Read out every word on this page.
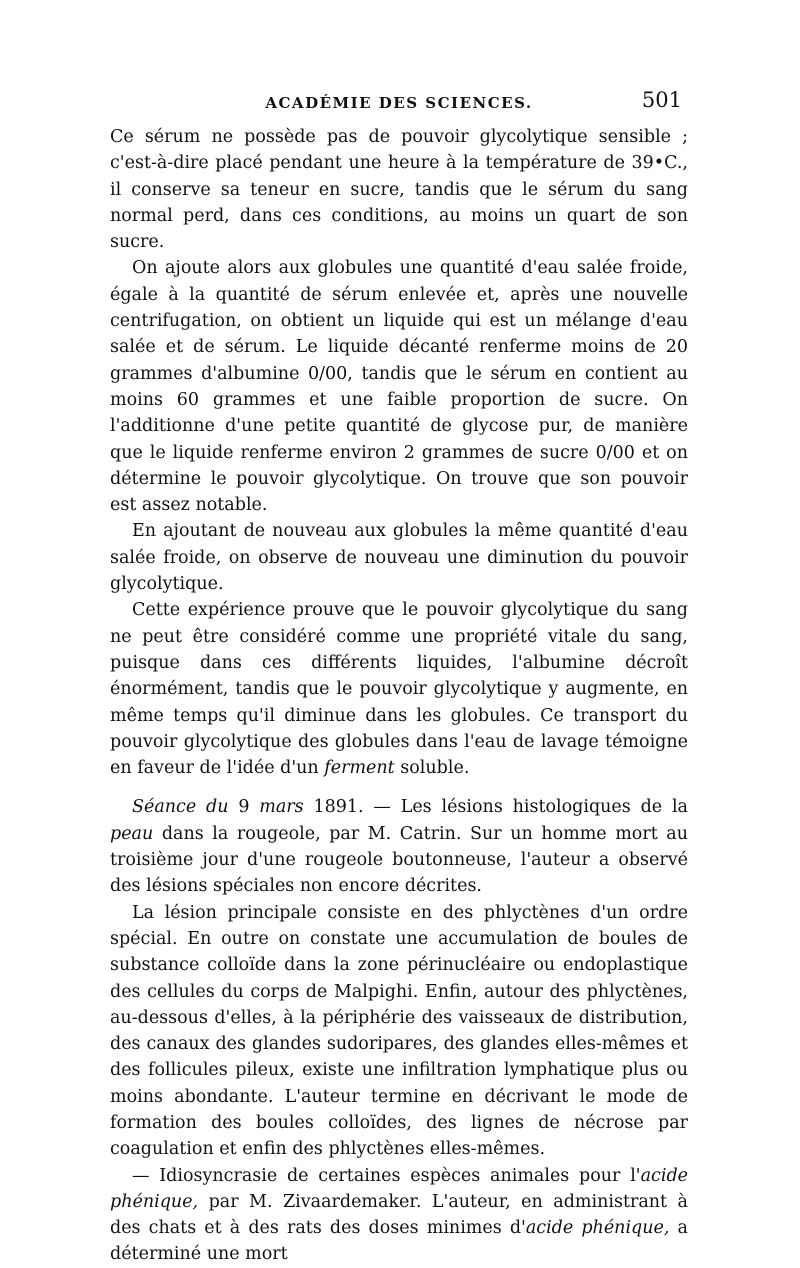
ACADÉMIE DES SCIENCES.	501

Ce sérum ne possède pas de pouvoir glycolytique sensible ; c'est-à-dire placé pendant une heure à la température de 39•C., il conserve sa teneur en sucre, tandis que le sérum du sang normal perd, dans ces conditions, au moins un quart de son sucre.

On ajoute alors aux globules une quantité d'eau salée froide, égale à la quantité de sérum enlevée et, après une nouvelle centrifugation, on obtient un liquide qui est un mélange d'eau salée et de sérum. Le liquide décanté renferme moins de 20 grammes d'albumine 0/00, tandis que le sérum en contient au moins 60 grammes et une faible proportion de sucre. On l'additionne d'une petite quantité de glycose pur, de manière que le liquide renferme environ 2 grammes de sucre 0/00 et on détermine le pouvoir glycolytique. On trouve que son pouvoir est assez notable.

En ajoutant de nouveau aux globules la même quantité d'eau salée froide, on observe de nouveau une diminution du pouvoir glycolytique.

Cette expérience prouve que le pouvoir glycolytique du sang ne peut être considéré comme une propriété vitale du sang, puisque dans ces différents liquides, l'albumine décroît énormément, tandis que le pouvoir glycolytique y augmente, en même temps qu'il diminue dans les globules. Ce transport du pouvoir glycolytique des globules dans l'eau de lavage témoigne en faveur de l'idée d'un ferment soluble.

Séance du 9 mars 1891. — Les lésions histologiques de la peau dans la rougeole, par M. Catrin. Sur un homme mort au troisième jour d'une rougeole boutonneuse, l'auteur a observé des lésions spéciales non encore décrites.

La lésion principale consiste en des phlyctènes d'un ordre spécial. En outre on constate une accumulation de boules de substance colloïde dans la zone périnucléaire ou endoplastique des cellules du corps de Malpighi. Enfin, autour des phlyctènes, au-dessous d'elles, à la périphérie des vaisseaux de distribution, des canaux des glandes sudoripares, des glandes elles-mêmes et des follicules pileux, existe une infiltration lymphatique plus ou moins abondante. L'auteur termine en décrivant le mode de formation des boules colloïdes, des lignes de nécrose par coagulation et enfin des phlyctènes elles-mêmes.

— Idiosyncrasie de certaines espèces animales pour l'acide phénique, par M. Zivaardemaker. L'auteur, en administrant à des chats et à des rats des doses minimes d'acide phénique, a déterminé une mort
